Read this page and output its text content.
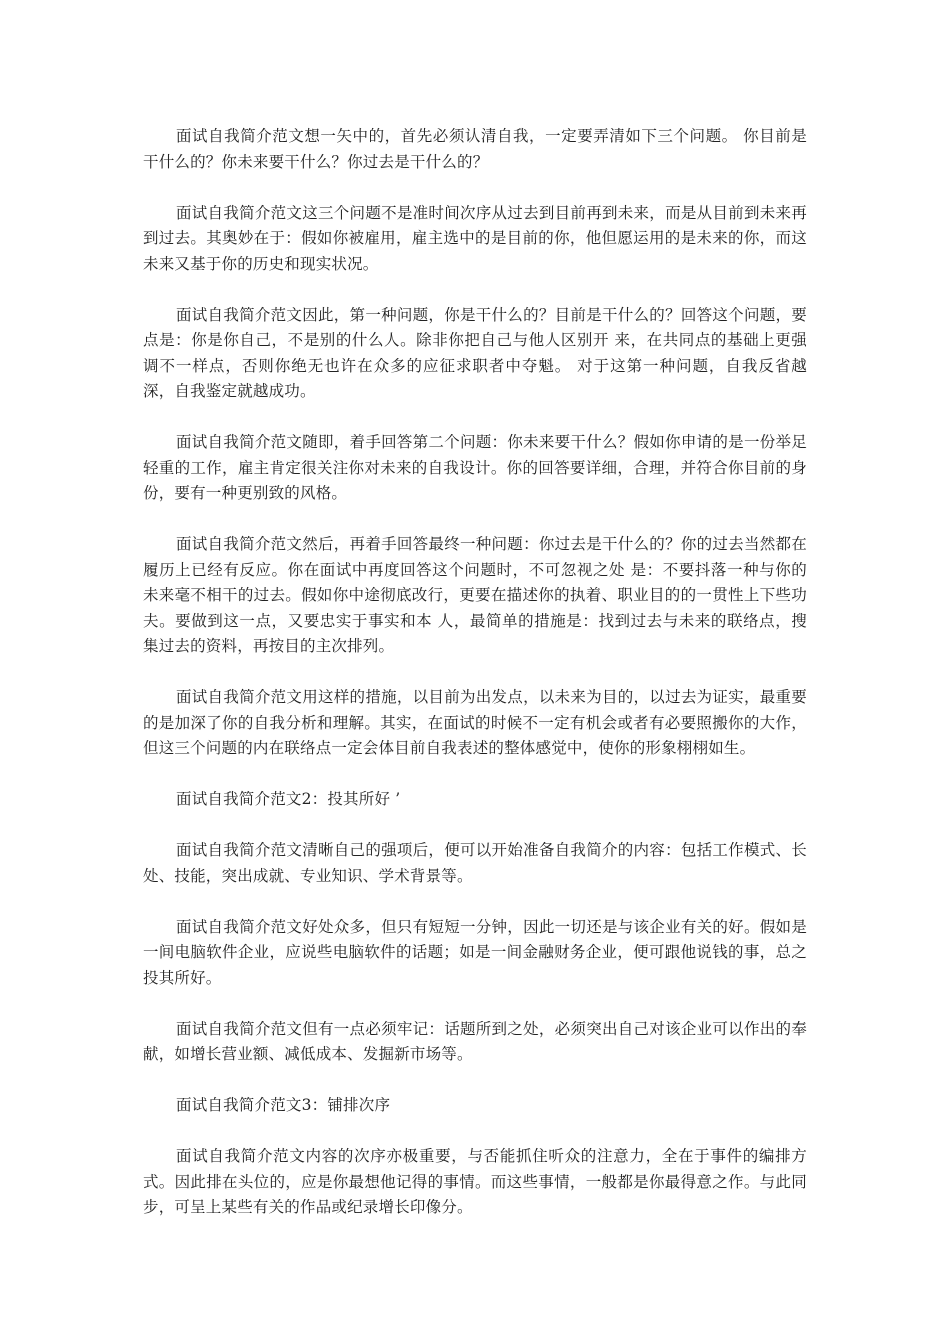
面试自我简介范文想一矢中的，首先必须认清自我，一定要弄清如下三个问题。 你目前是干什么的？你未来要干什么？你过去是干什么的？

面试自我简介范文这三个问题不是准时间次序从过去到目前再到未来，而是从目前到未来再到过去。其奥妙在于：假如你被雇用，雇主选中的是目前的你，他但愿运用的是未来的你，而这未来又基于你的历史和现实状况。

面试自我简介范文因此，第一种问题，你是干什么的？目前是干什么的？回答这个问题，要 点是：你是你自己，不是别的什么人。除非你把自己与他人区别开 来，在共同点的基础上更强调不一样点，否则你绝无也许在众多的应征求职者中夺魁。 对于这第一种问题，自我反省越深，自我鉴定就越成功。

面试自我简介范文随即，着手回答第二个问题：你未来要干什么？假如你申请的是一份举足轻重的工作，雇主肯定很关注你对未来的自我设计。你的回答要详细，合理，并符合你目前的身份，要有一种更别致的风格。

面试自我简介范文然后，再着手回答最终一种问题：你过去是干什么的？你的过去当然都在 履历上已经有反应。你在面试中再度回答这个问题时，不可忽视之处 是：不要抖落一种与你的未来毫不相干的过去。假如你中途彻底改行，更要在描述你的执着、职业目的的一贯性上下些功夫。要做到这一点，又要忠实于事实和本 人，最简单的措施是：找到过去与未来的联络点，搜集过去的资料，再按目的主次排列。

面试自我简介范文用这样的措施，以目前为出发点，以未来为目的，以过去为证实，最重要的是加深了你的自我分析和理解。其实，在面试的时候不一定有机会或者有必要照搬你的大作，但这三个问题的内在联络点一定会体目前自我表述的整体感觉中，使你的形象栩栩如生。

面试自我简介范文2：投其所好 ’

面试自我简介范文清晰自己的强项后，便可以开始准备自我简介的内容：包括工作模式、长处、技能，突出成就、专业知识、学术背景等。

面试自我简介范文好处众多，但只有短短一分钟，因此一切还是与该企业有关的好。假如是一间电脑软件企业，应说些电脑软件的话题；如是一间金融财务企业，便可跟他说钱的事，总之投其所好。

面试自我简介范文但有一点必须牢记：话题所到之处，必须突出自己对该企业可以作出的奉献，如增长营业额、减低成本、发掘新市场等。

面试自我简介范文3：铺排次序

面试自我简介范文内容的次序亦极重要，与否能抓住听众的注意力，全在于事件的编排方式。因此排在头位的，应是你最想他记得的事情。而这些事情，一般都是你最得意之作。与此同步，可呈上某些有关的作品或纪录增长印像分。
